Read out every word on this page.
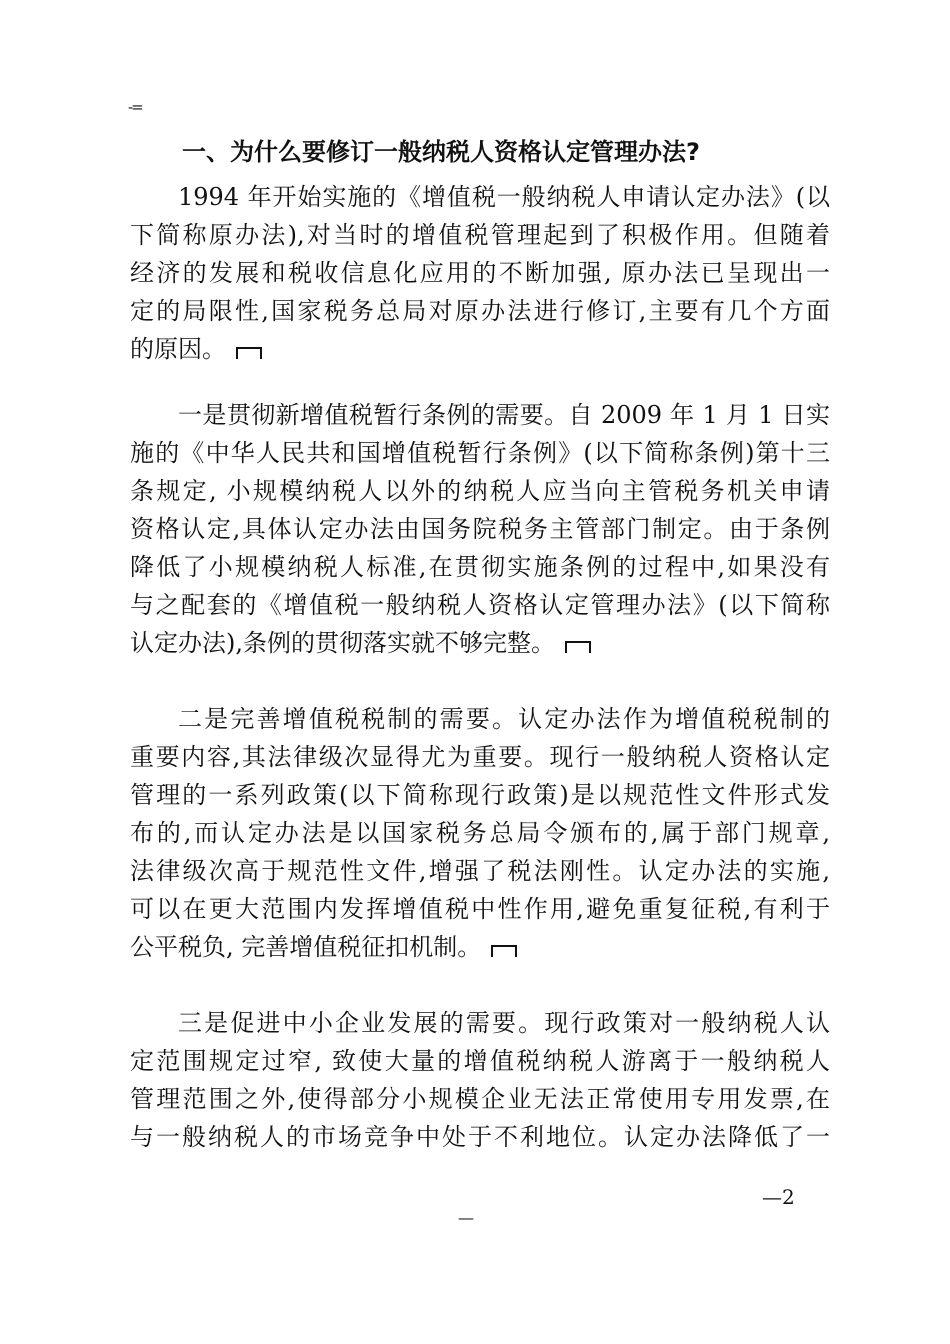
-=
一、为什么要修订一般纳税人资格认定管理办法?
1994 年开始实施的《增值税一般纳税人申请认定办法》(以
下简称原办法),对当时的增值税管理起到了积极作用。但随着
经济的发展和税收信息化应用的不断加强, 原办法已呈现出一
定的局限性,国家税务总局对原办法进行修订,主要有几个方面
的原因。
一是贯彻新增值税暂行条例的需要。自 2009 年 1 月 1 日实
施的《中华人民共和国增值税暂行条例》(以下简称条例)第十三
条规定, 小规模纳税人以外的纳税人应当向主管税务机关申请
资格认定,具体认定办法由国务院税务主管部门制定。由于条例
降低了小规模纳税人标准,在贯彻实施条例的过程中,如果没有
与之配套的《增值税一般纳税人资格认定管理办法》(以下简称
认定办法),条例的贯彻落实就不够完整。
二是完善增值税税制的需要。认定办法作为增值税税制的
重要内容,其法律级次显得尤为重要。现行一般纳税人资格认定
管理的一系列政策(以下简称现行政策)是以规范性文件形式发
布的,而认定办法是以国家税务总局令颁布的,属于部门规章,
法律级次高于规范性文件,增强了税法刚性。认定办法的实施,
可以在更大范围内发挥增值税中性作用,避免重复征税,有利于
公平税负, 完善增值税征扣机制。
三是促进中小企业发展的需要。现行政策对一般纳税人认
定范围规定过窄, 致使大量的增值税纳税人游离于一般纳税人
管理范围之外,使得部分小规模企业无法正常使用专用发票,在
与一般纳税人的市场竞争中处于不利地位。认定办法降低了一
—2
—
